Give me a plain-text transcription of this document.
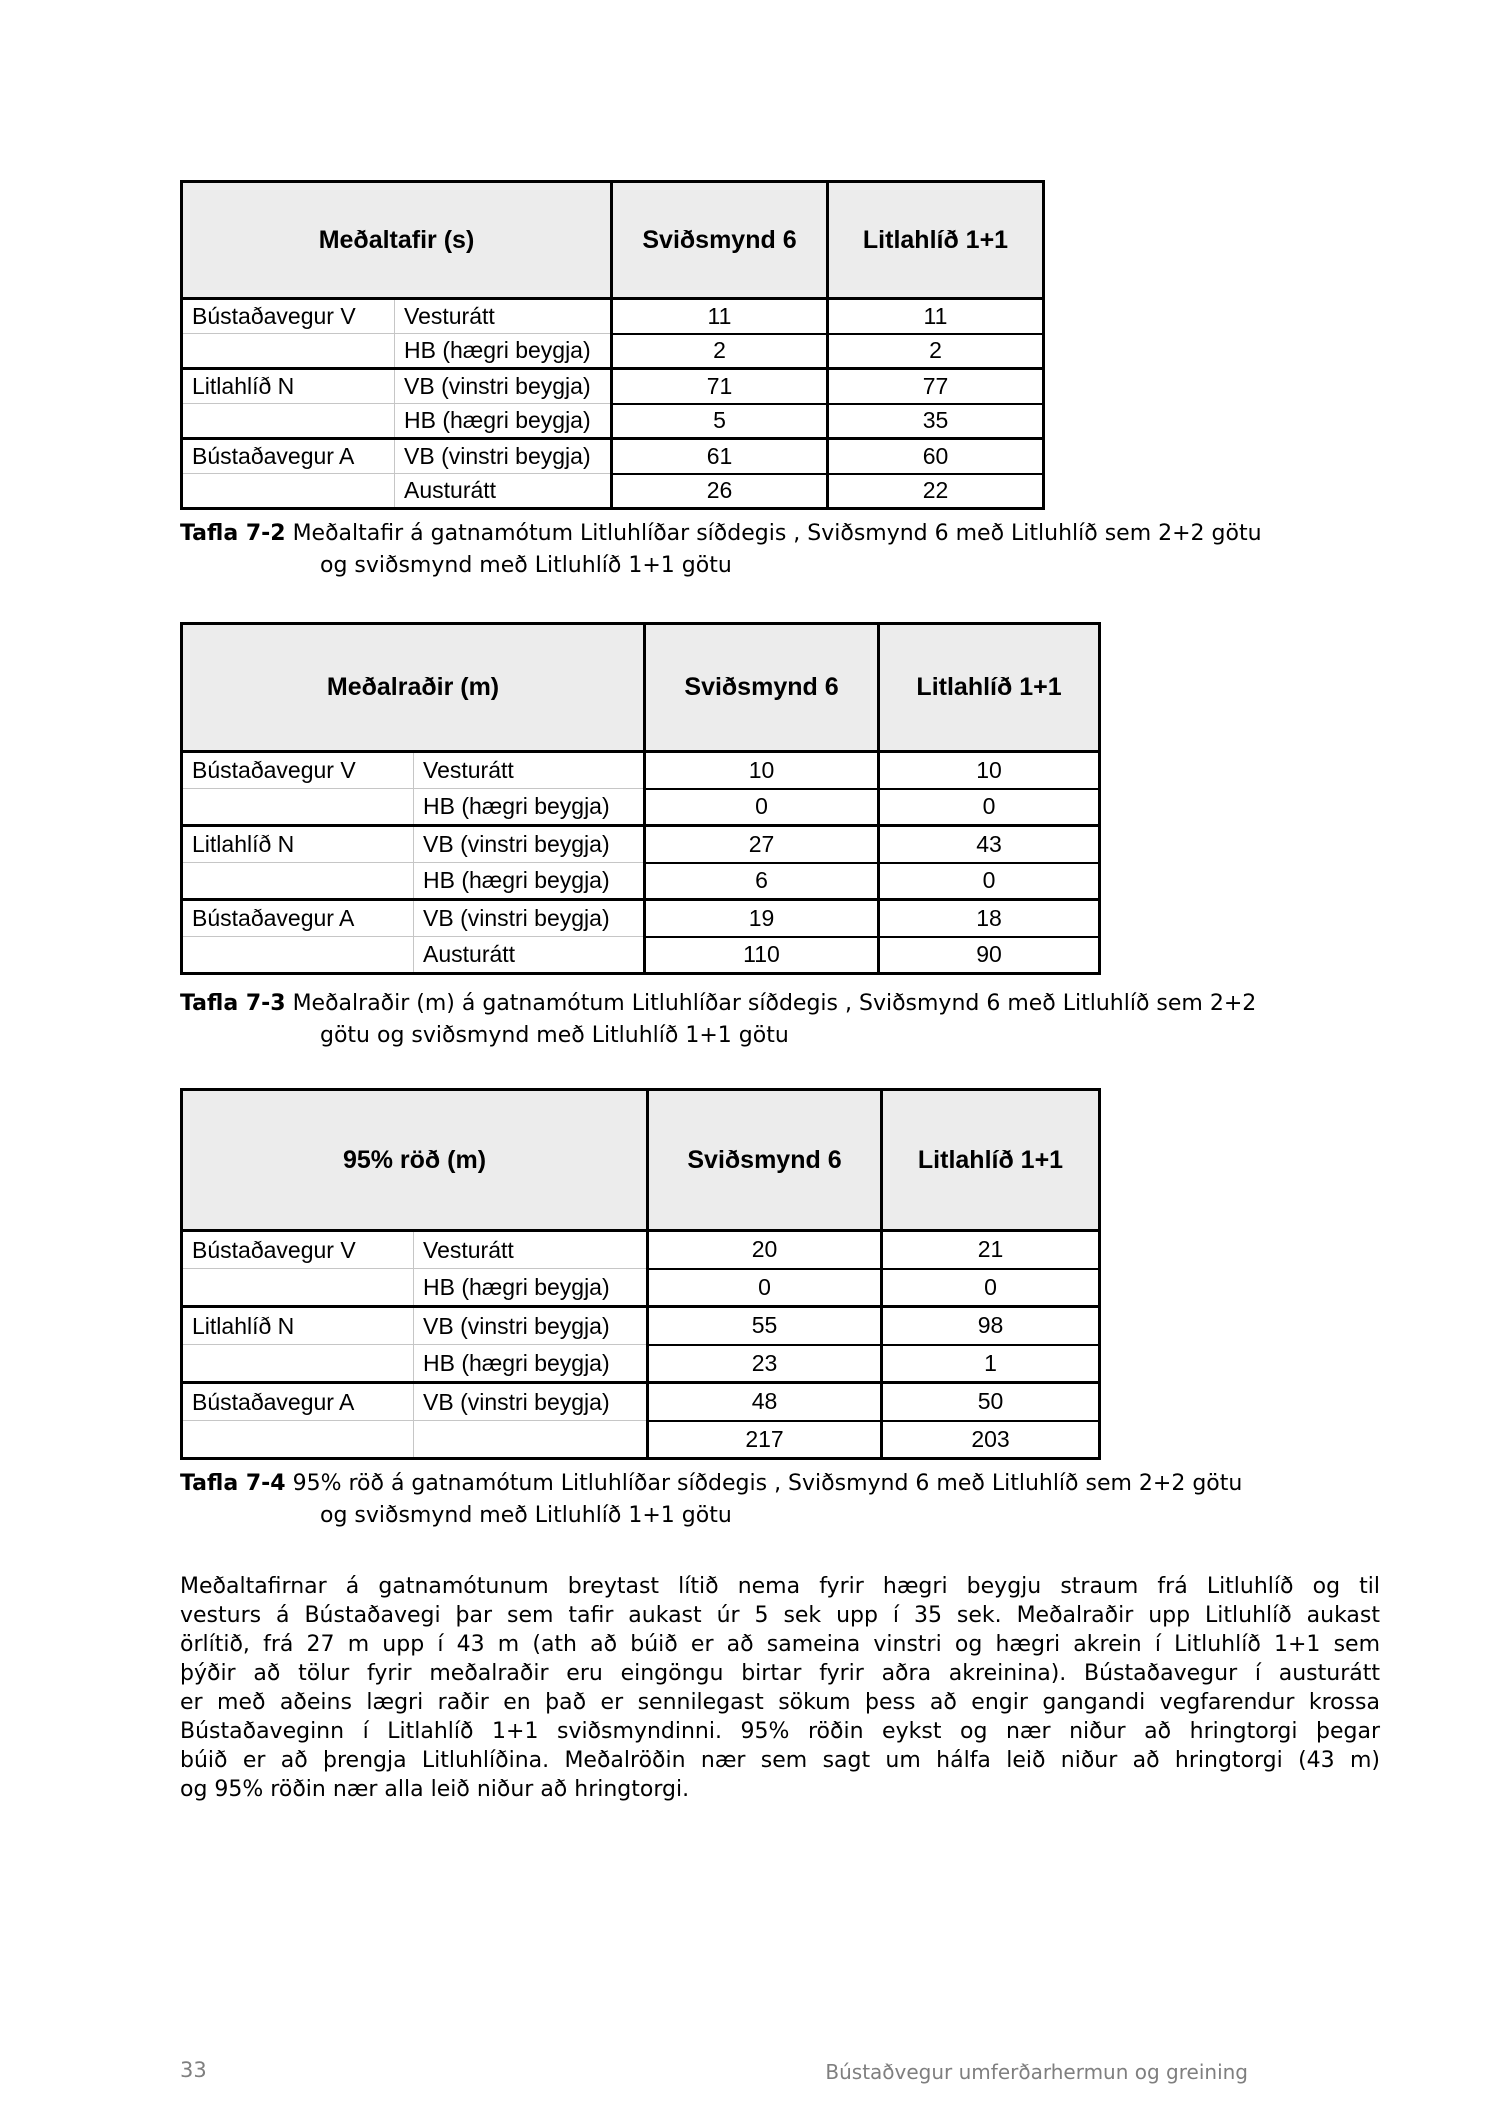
Meðaltafir (s)		Sviðsmynd 6	Litlahlíð 1+1
Bústaðavegur V	Vesturátt	11	11
	HB (hægri beygja)	2	2
Litlahlíð N	VB (vinstri beygja)	71	77
	HB (hægri beygja)	5	35
Bústaðavegur A	VB (vinstri beygja)	61	60
	Austurátt	26	22
Tafla 7-2 Meðaltafir á gatnamótum Litluhlíðar síðdegis , Sviðsmynd 6 með Litluhlíð sem 2+2 götu
og sviðsmynd með Litluhlíð 1+1 götu
Meðalraðir (m)		Sviðsmynd 6	Litlahlíð 1+1
Bústaðavegur V	Vesturátt	10	10
	HB (hægri beygja)	0	0
Litlahlíð N	VB (vinstri beygja)	27	43
	HB (hægri beygja)	6	0
Bústaðavegur A	VB (vinstri beygja)	19	18
	Austurátt	110	90
Tafla 7-3 Meðalraðir (m) á gatnamótum Litluhlíðar síðdegis , Sviðsmynd 6 með Litluhlíð sem 2+2
götu og sviðsmynd með Litluhlíð 1+1 götu
95% röð (m)		Sviðsmynd 6	Litlahlíð 1+1
Bústaðavegur V	Vesturátt	20	21
	HB (hægri beygja)	0	0
Litlahlíð N	VB (vinstri beygja)	55	98
	HB (hægri beygja)	23	1
Bústaðavegur A	VB (vinstri beygja)	48	50
		217	203
Tafla 7-4 95% röð á gatnamótum Litluhlíðar síðdegis , Sviðsmynd 6 með Litluhlíð sem 2+2 götu
og sviðsmynd með Litluhlíð 1+1 götu
Meðaltafirnar á gatnamótunum breytast lítið nema fyrir hægri beygju straum frá Litluhlíð og til
vesturs á Bústaðavegi þar sem tafir aukast úr 5 sek upp í 35 sek. Meðalraðir upp Litluhlíð aukast
örlítið, frá 27 m upp í 43 m (ath að búið er að sameina vinstri og hægri akrein í Litluhlíð 1+1 sem
þýðir að tölur fyrir meðalraðir eru eingöngu birtar fyrir aðra akreinina). Bústaðavegur í austurátt
er með aðeins lægri raðir en það er sennilegast sökum þess að engir gangandi vegfarendur krossa
Bústaðaveginn í Litlahlíð 1+1 sviðsmyndinni. 95% röðin eykst og nær niður að hringtorgi þegar
búið er að þrengja Litluhlíðina. Meðalröðin nær sem sagt um hálfa leið niður að hringtorgi (43 m)
og 95% röðin nær alla leið niður að hringtorgi.
33	Bústaðvegur umferðarhermun og greining
